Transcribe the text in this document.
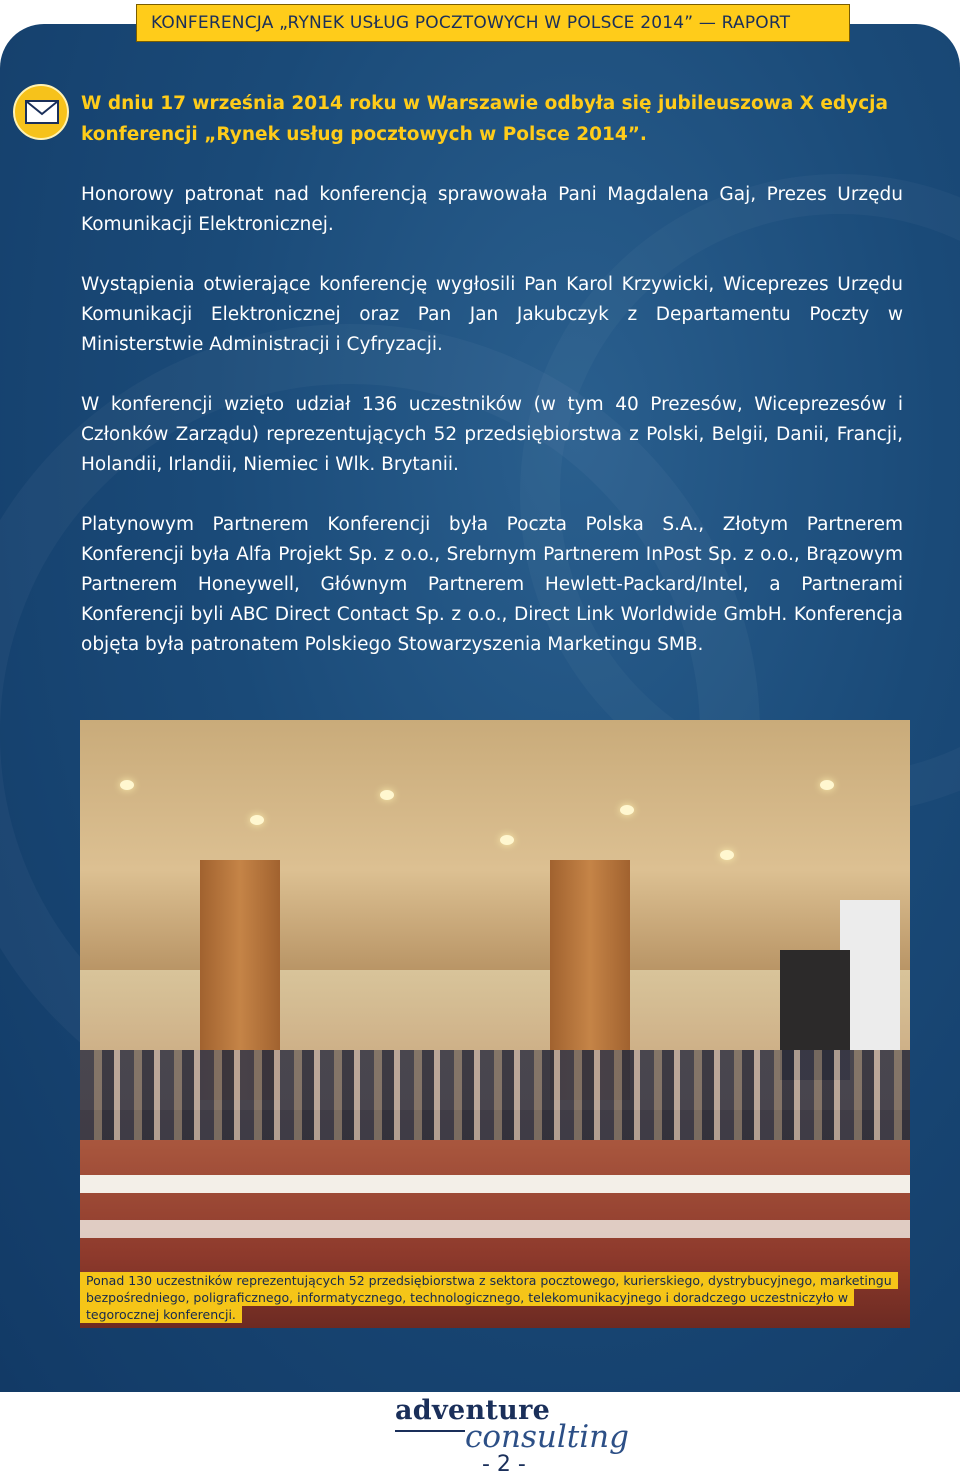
KONFERENCJA „RYNEK USŁUG POCZTOWYCH W POLSCE 2014” — RAPORT

W dniu 17 września 2014 roku w Warszawie odbyła się jubileuszowa X edycja konferencji „Rynek usług pocztowych w Polsce 2014”.

Honorowy patronat nad konferencją sprawowała Pani Magdalena Gaj, Prezes Urzędu Komunikacji Elektronicznej.

Wystąpienia otwierające konferencję wygłosili Pan Karol Krzywicki, Wiceprezes Urzędu Komunikacji Elektronicznej oraz Pan Jan Jakubczyk z Departamentu Poczty w Ministerstwie Administracji i Cyfryzacji.

W konferencji wzięto udział 136 uczestników (w tym 40 Prezesów, Wiceprezesów i Członków Zarządu) reprezentujących 52 przedsiębiorstwa z Polski, Belgii, Danii, Francji, Holandii, Irlandii, Niemiec i Wlk. Brytanii.

Platynowym Partnerem Konferencji była Poczta Polska S.A., Złotym Partnerem Konferencji była Alfa Projekt Sp. z o.o., Srebrnym Partnerem InPost Sp. z o.o., Brązowym Partnerem Honeywell, Głównym Partnerem Hewlett-Packard/Intel, a Partnerami Konferencji byli ABC Direct Contact Sp. z o.o., Direct Link Worldwide GmbH. Konferencja objęta była patronatem Polskiego Stowarzyszenia Marketingu SMB.

Ponad 130 uczestników reprezentujących 52 przedsiębiorstwa z sektora pocztowego, kurierskiego, dystrybucyjnego, marketingu bezpośredniego, poligraficznego, informatycznego, technologicznego, telekomunikacyjnego i doradczego uczestniczyło w tegorocznej konferencji.
adventure
consulting
- 2 -
